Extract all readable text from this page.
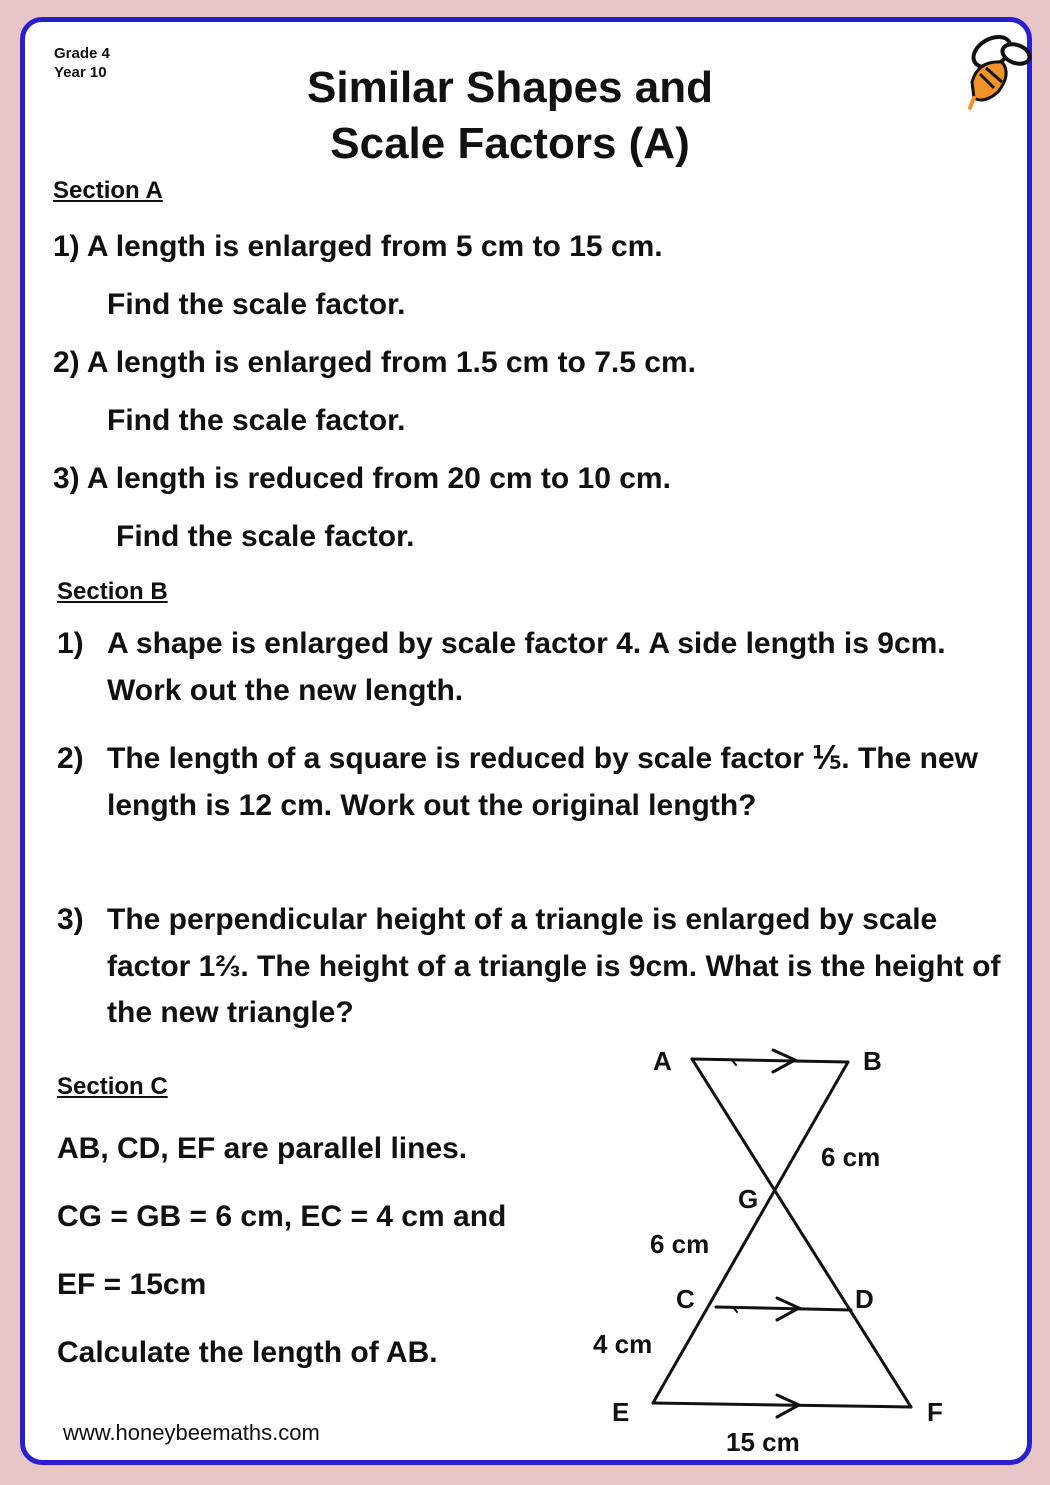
Grade 4
Year 10	Similar Shapes and
Scale Factors (A)
Section A
1) A length is enlarged from 5 cm to 15 cm.
Find the scale factor.
2) A length is enlarged from 1.5 cm to 7.5 cm.
Find the scale factor.
3) A length is reduced from 20 cm to 10 cm.
Find the scale factor.
Section B
1) A shape is enlarged by scale factor 4. A side length is 9cm. Work out the new length.
2) The length of a square is reduced by scale factor ⅕. The new length is 12 cm. Work out the original length?
3) The perpendicular height of a triangle is enlarged by scale factor 1⅔. The height of a triangle is 9cm. What is the height of the new triangle?
Section C
AB, CD, EF are parallel lines.
CG = GB = 6 cm, EC = 4 cm and
EF = 15cm
Calculate the length of AB.
A	B
6 cm
G
6 cm
C	D
4 cm
E	F
15 cm
www.honeybeemaths.com
